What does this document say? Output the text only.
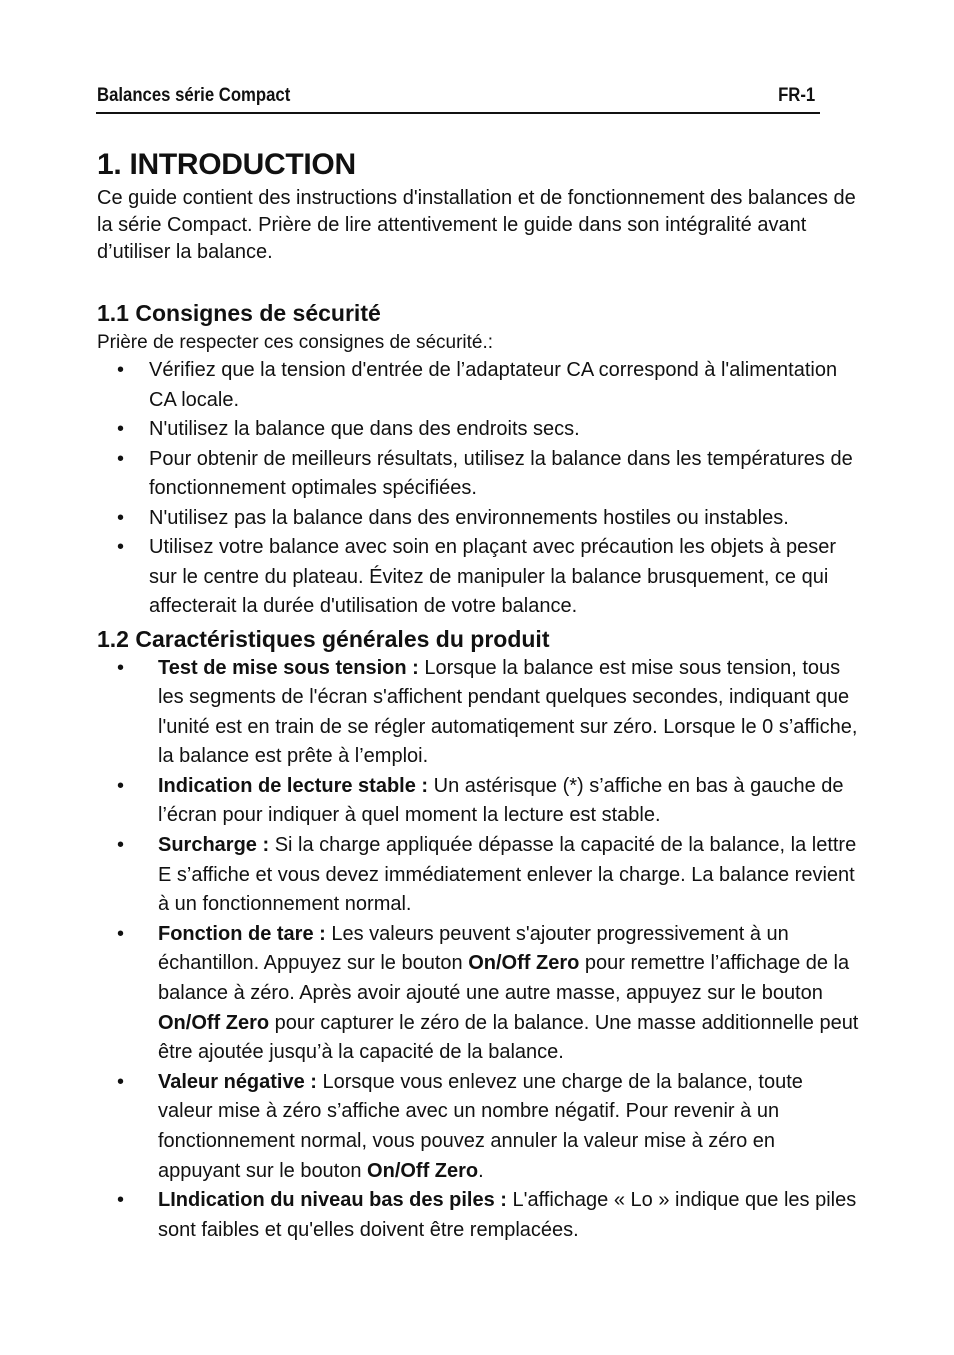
Balances série Compact	FR-1
1. INTRODUCTION

Ce guide contient des instructions d'installation et de fonctionnement des balances de la série Compact. Prière de lire attentivement le guide dans son intégralité avant d’utiliser la balance.

1.1 Consignes de sécurité

Prière de respecter ces consignes de sécurité.:

• Vérifiez que la tension d'entrée de l’adaptateur CA correspond à l'alimentation CA locale.
• N'utilisez la balance que dans des endroits secs.
• Pour obtenir de meilleurs résultats, utilisez la balance dans les températures de fonctionnement optimales spécifiées.
• N'utilisez pas la balance dans des environnements hostiles ou instables.
• Utilisez votre balance avec soin en plaçant avec précaution les objets à peser sur le centre du plateau. Évitez de manipuler la balance brusquement, ce qui affecterait la durée d'utilisation de votre balance.
1.2 Caractéristiques générales du produit
• Test de mise sous tension : Lorsque la balance est mise sous tension, tous les segments de l'écran s'affichent pendant quelques secondes, indiquant que l'unité est en train de se régler automatiqement sur zéro. Lorsque le 0 s’affiche, la balance est prête à l’emploi.
• Indication de lecture stable : Un astérisque (*) s’affiche en bas à gauche de l’écran pour indiquer à quel moment la lecture est stable.
• Surcharge : Si la charge appliquée dépasse la capacité de la balance, la lettre E s’affiche et vous devez immédiatement enlever la charge. La balance revient à un fonctionnement normal.
• Fonction de tare : Les valeurs peuvent s'ajouter progressivement à un échantillon. Appuyez sur le bouton On/Off Zero pour remettre l’affichage de la balance à zéro. Après avoir ajouté une autre masse, appuyez sur le bouton On/Off Zero pour capturer le zéro de la balance. Une masse additionnelle peut être ajoutée jusqu’à la capacité de la balance.
• Valeur négative : Lorsque vous enlevez une charge de la balance, toute valeur mise à zéro s’affiche avec un nombre négatif. Pour revenir à un fonctionnement normal, vous pouvez annuler la valeur mise à zéro en appuyant sur le bouton On/Off Zero.
• LIndication du niveau bas des piles : L'affichage « Lo » indique que les piles sont faibles et qu'elles doivent être remplacées.
